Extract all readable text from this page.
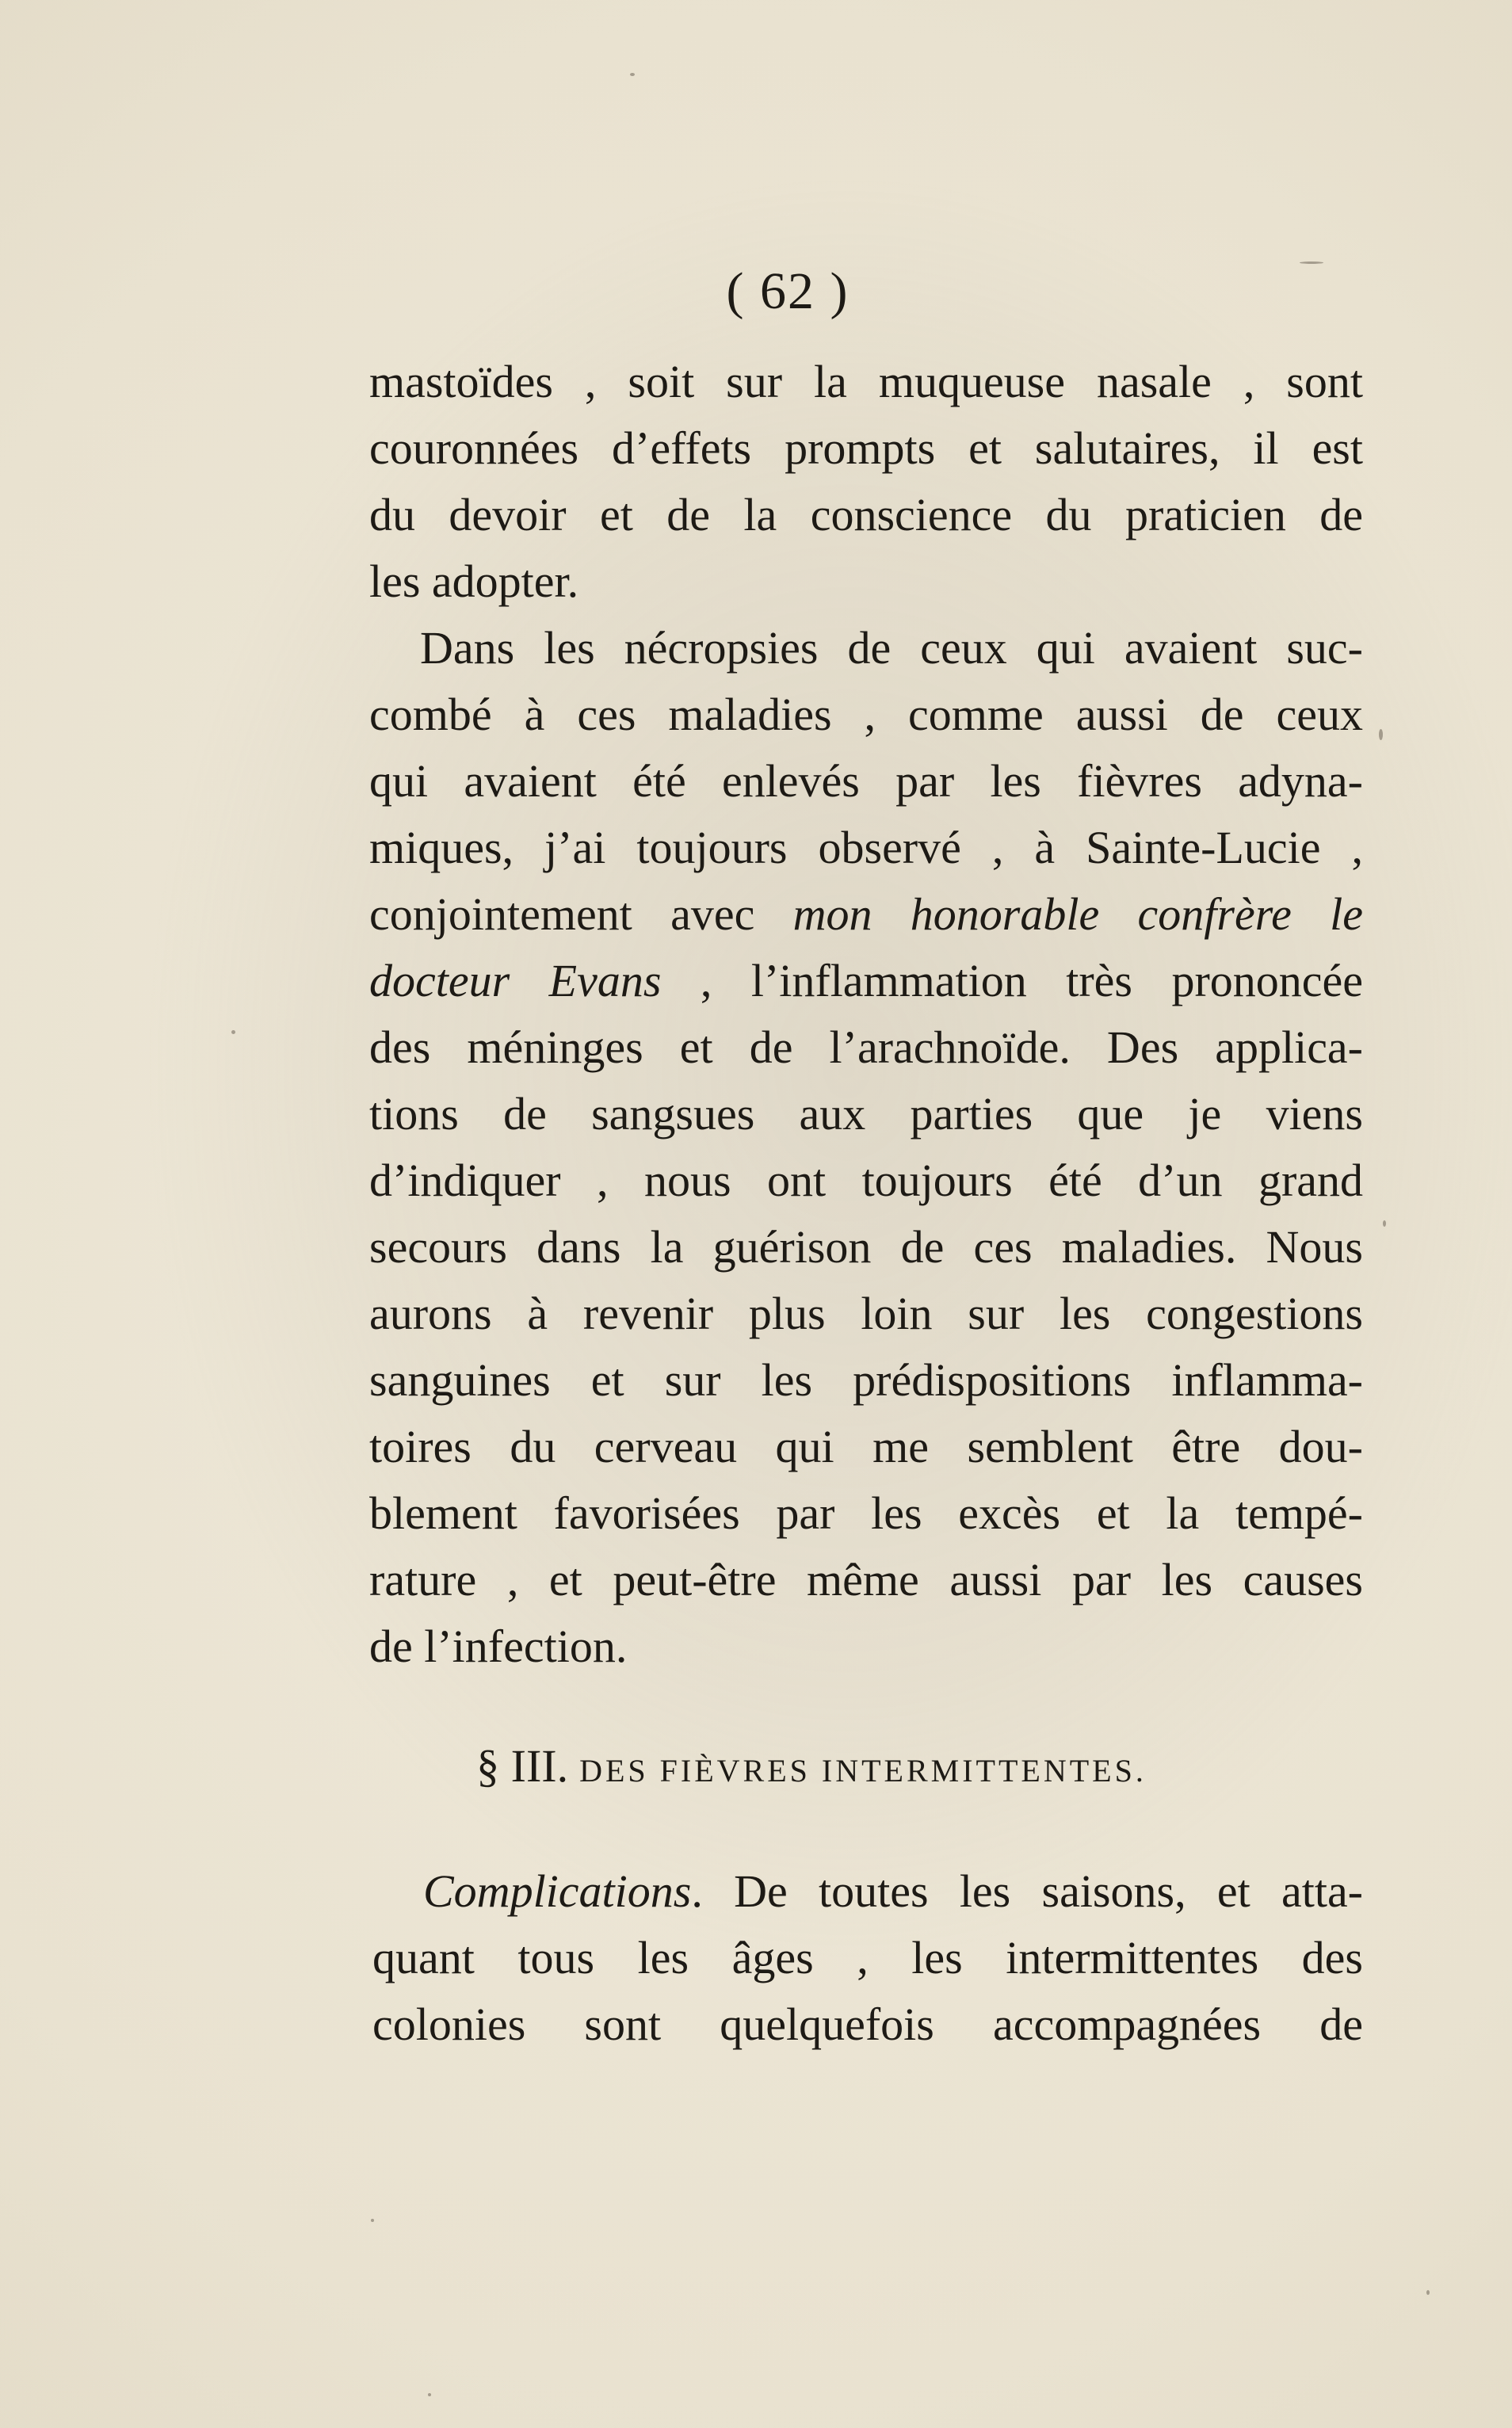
( 62 )
mastoïdes , soit sur la muqueuse nasale , sont
couronnées d’effets prompts et salutaires, il est
du devoir et de la conscience du praticien de
les adopter.
Dans les nécropsies de ceux qui avaient suc-
combé à ces maladies , comme aussi de ceux
qui avaient été enlevés par les fièvres adyna-
miques, j’ai toujours observé , à Sainte-Lucie ,
conjointement avec mon honorable confrère le
docteur Evans , l’inflammation très prononcée
des méninges et de l’arachnoïde. Des applica-
tions de sangsues aux parties que je viens
d’indiquer , nous ont toujours été d’un grand
secours dans la guérison de ces maladies. Nous
aurons à revenir plus loin sur les congestions
sanguines et sur les prédispositions inflamma-
toires du cerveau qui me semblent être dou-
blement favorisées par les excès et la tempé-
rature , et peut-être même aussi par les causes
de l’infection.
§ III. DES FIÈVRES INTERMITTENTES.
Complications. De toutes les saisons, et atta-
quant tous les âges , les intermittentes des
colonies sont quelquefois accompagnées de
